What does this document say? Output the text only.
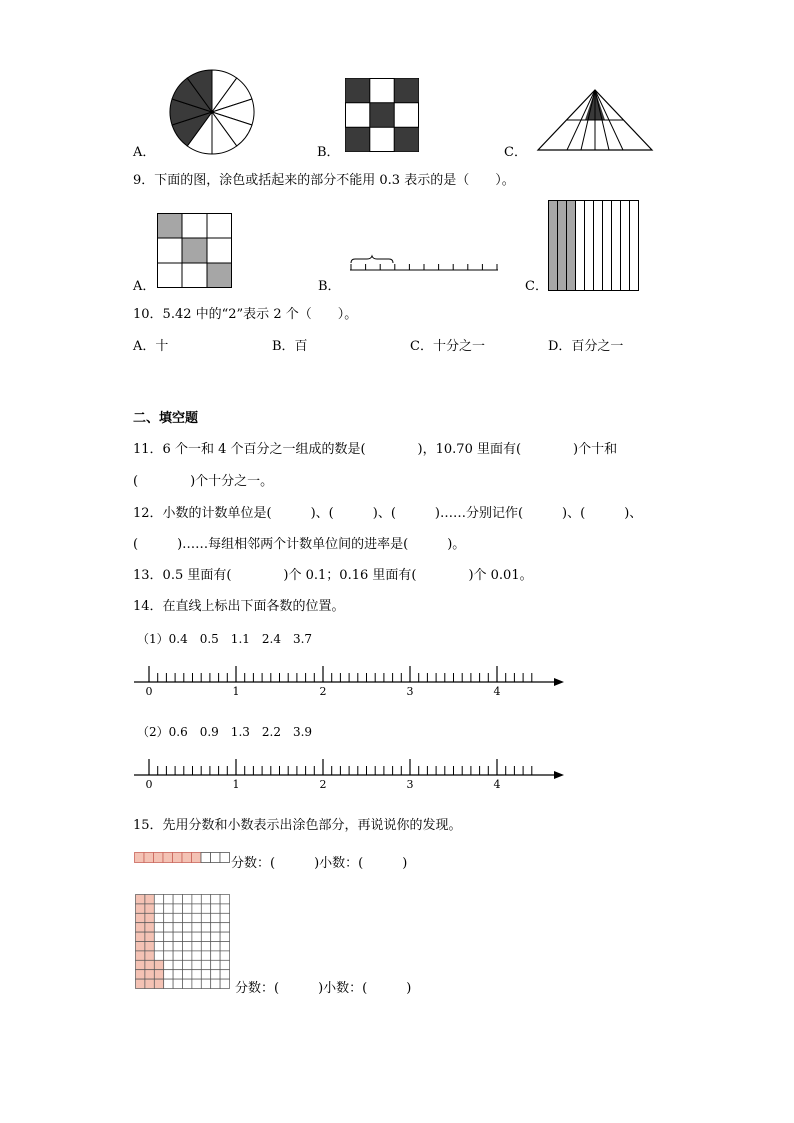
A．	B．	C．
9．下面的图，涂色或括起来的部分不能用 0.3 表示的是（　　）。
A．	B．	C．
10．5.42 中的“2”表示 2 个（　　）。
A．十	B．百	C．十分之一	D．百分之一
二、填空题
11．6 个一和 4 个百分之一组成的数是(　　　　)，10.70 里面有(　　　　)个十和
(　　　　)个十分之一。
12．小数的计数单位是(　　　)、(　　　)、(　　　)……分别记作(　　　)、(　　　)、
(　　　)……每组相邻两个计数单位间的进率是(　　　)。
13．0.5 里面有(　　　　)个 0.1；0.16 里面有(　　　　)个 0.01。
14．在直线上标出下面各数的位置。
（1）0.4　0.5　1.1　2.4　3.7
0	1	2	3	4
（2）0.6　0.9　1.3　2.2　3.9
0	1	2	3	4
15．先用分数和小数表示出涂色部分，再说说你的发现。
分数：(　　　)小数：(　　　)
分数：(　　　)小数：(　　　)
